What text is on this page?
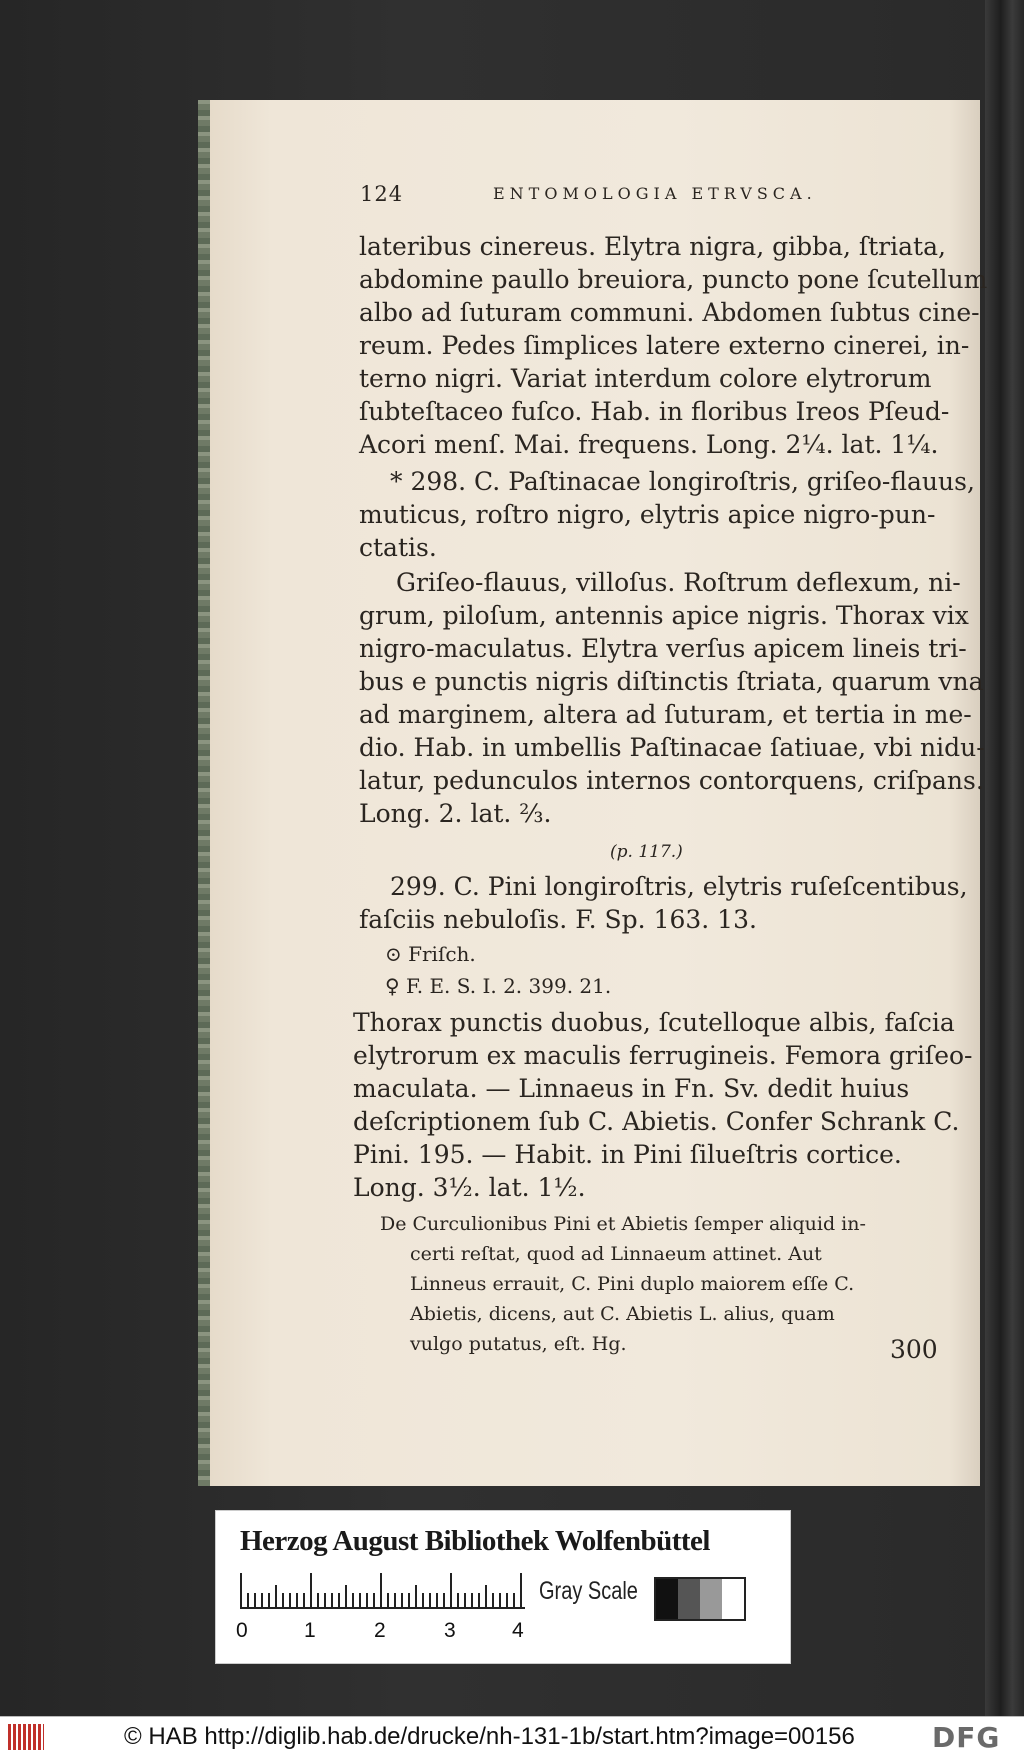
124	ENTOMOLOGIA ETRVSCA.
lateribus cinereus. Elytra nigra, gibba, ſtriata,
abdomine paullo breuiora, puncto pone ſcutellum
albo ad ſuturam communi. Abdomen ſubtus cine-
reum. Pedes ſimplices latere externo cinerei, in-
terno nigri. Variat interdum colore elytrorum
ſubteſtaceo fuſco. Hab. in floribus Ireos Pſeud-
Acori menſ. Mai. frequens. Long. 2¼. lat. 1¼.
* 298. C. Paſtinacae longiroſtris, griſeo-flauus,
muticus, roſtro nigro, elytris apice nigro-pun-
ctatis.
Griſeo-flauus, villoſus. Roſtrum deflexum, ni-
grum, piloſum, antennis apice nigris. Thorax vix
nigro-maculatus. Elytra verſus apicem lineis tri-
bus e punctis nigris diſtinctis ſtriata, quarum vna
ad marginem, altera ad ſuturam, et tertia in me-
dio. Hab. in umbellis Paſtinacae ſatiuae, vbi nidu-
latur, pedunculos internos contorquens, criſpans.
Long. 2. lat. ⅔.
(p. 117.)
299. C. Pini longiroſtris, elytris ruſeſcentibus,
faſciis nebuloſis. F. Sp. 163. 13.
⊙ Friſch.
♀ F. E. S. I. 2. 399. 21.
Thorax punctis duobus, ſcutelloque albis, faſcia
elytrorum ex maculis ferrugineis. Femora griſeo-
maculata. — Linnaeus in Fn. Sv. dedit huius
deſcriptionem ſub C. Abietis. Confer Schrank C.
Pini. 195. — Habit. in Pini ſilueſtris cortice.
Long. 3½. lat. 1½.
De Curculionibus Pini et Abietis ſemper aliquid in-
certi reſtat, quod ad Linnaeum attinet. Aut
Linneus errauit, C. Pini duplo maiorem eſſe C.
Abietis, dicens, aut C. Abietis L. alius, quam
vulgo putatus, eſt. Hg.	300
Herzog August Bibliothek Wolfenbüttel
0	1	2	3	4
Gray Scale
© HAB http://diglib.hab.de/drucke/nh-131-1b/start.htm?image=00156	DFG
